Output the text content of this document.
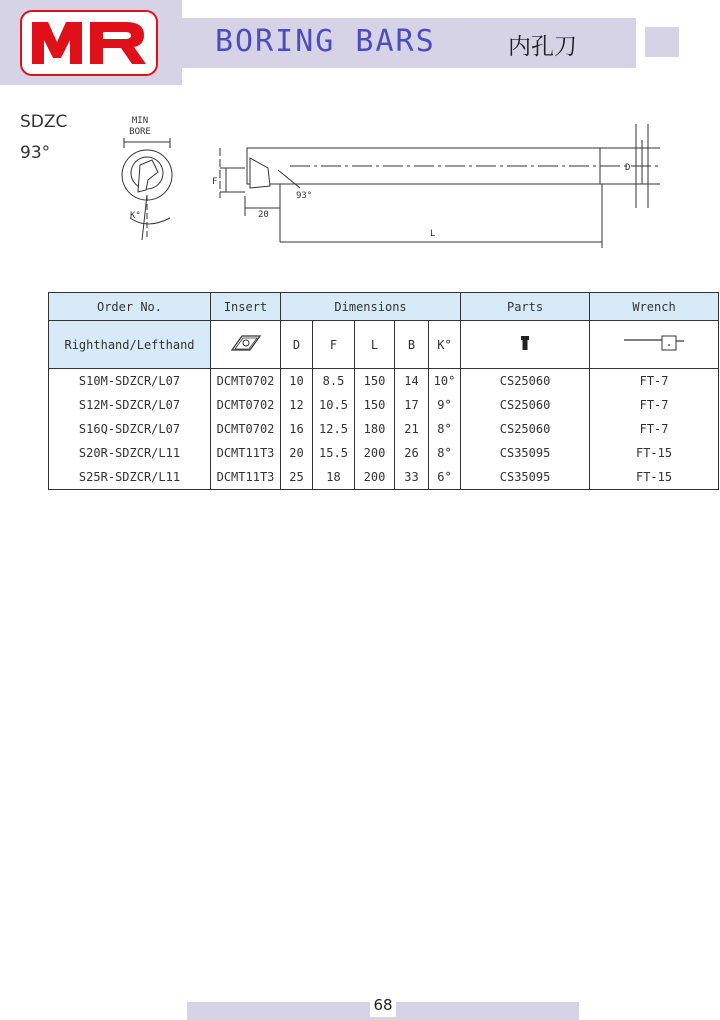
BORING BARS	内孔刀
SDZC
93°
MIN
BORE
K°
F
20
93°
D
L
Order No.	Insert	Dimensions					Parts	Wrench
Righthand/Lefthand		D	F	L	B	K°		
S10M-SDZCR/L07	DCMT0702	10	8.5	150	14	10°	CS25060	FT-7
S12M-SDZCR/L07	DCMT0702	12	10.5	150	17	9°	CS25060	FT-7
S16Q-SDZCR/L07	DCMT0702	16	12.5	180	21	8°	CS25060	FT-7
S20R-SDZCR/L11	DCMT11T3	20	15.5	200	26	8°	CS35095	FT-15
S25R-SDZCR/L11	DCMT11T3	25	18	200	33	6°	CS35095	FT-15
68
